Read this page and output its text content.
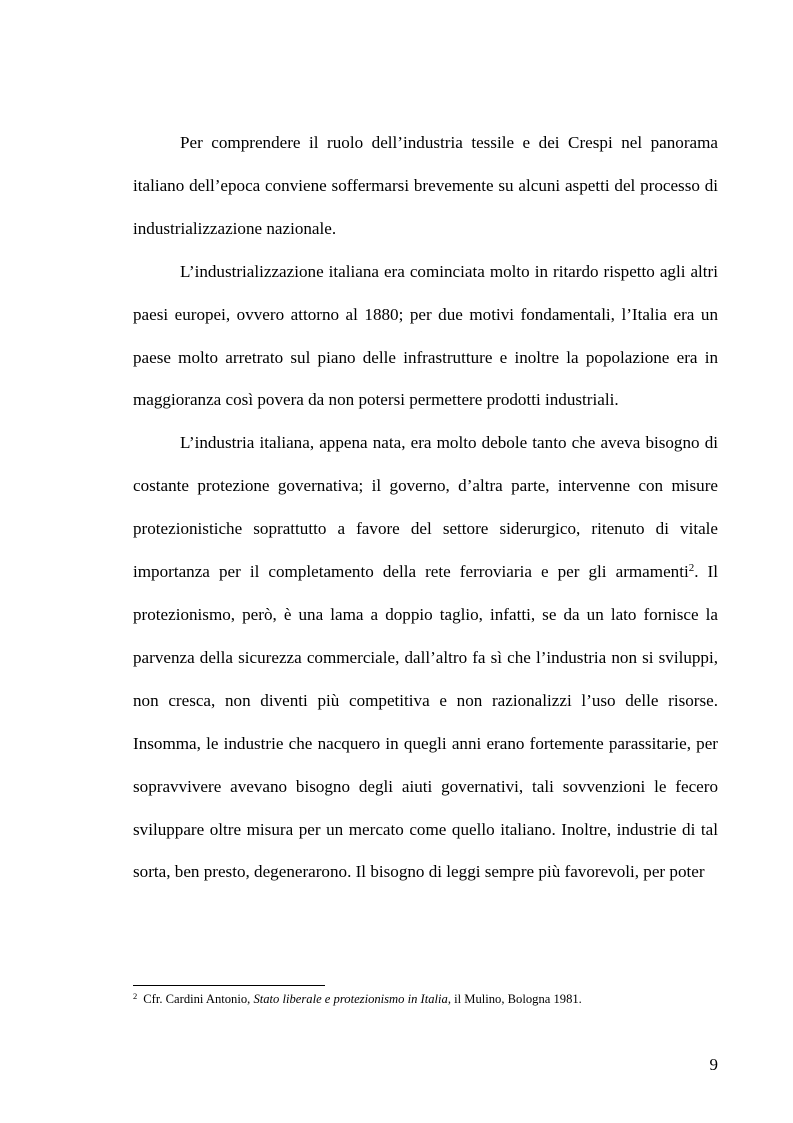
Per comprendere il ruolo dell’industria tessile e dei Crespi nel panorama italiano dell’epoca conviene soffermarsi brevemente su alcuni aspetti del processo di industrializzazione nazionale.

L’industrializzazione italiana era cominciata molto in ritardo rispetto agli altri paesi europei, ovvero attorno al 1880; per due motivi fondamentali, l’Italia era un paese molto arretrato sul piano delle infrastrutture e inoltre la popolazione era in maggioranza così povera da non potersi permettere prodotti industriali.

L’industria italiana, appena nata, era molto debole tanto che aveva bisogno di costante protezione governativa; il governo, d’altra parte, intervenne con misure protezionistiche soprattutto a favore del settore siderurgico, ritenuto di vitale importanza per il completamento della rete ferroviaria e per gli armamenti$^2$. Il protezionismo, però, è una lama a doppio taglio, infatti, se da un lato fornisce la parvenza della sicurezza commerciale, dall’altro fa sì che l’industria non si sviluppi, non cresca, non diventi più competitiva e non razionalizzi l’uso delle risorse. Insomma, le industrie che nacquero in quegli anni erano fortemente parassitarie, per sopravvivere avevano bisogno degli aiuti governativi, tali sovvenzioni le fecero sviluppare oltre misura per un mercato come quello italiano. Inoltre, industrie di tal sorta, ben presto, degenerarono. Il bisogno di leggi sempre più favorevoli, per poter

$^2$ Cfr. Cardini Antonio, Stato liberale e protezionismo in Italia, il Mulino, Bologna 1981.
9
